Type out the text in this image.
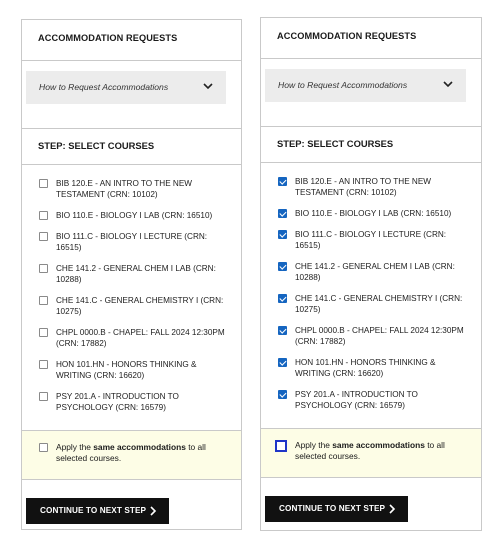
ACCOMMODATION REQUESTS
How to Request Accommodations
STEP: SELECT COURSES
BIB 120.E - AN INTRO TO THE NEW TESTAMENT (CRN: 10102)
BIO 110.E - BIOLOGY I LAB (CRN: 16510)
BIO 111.C - BIOLOGY I LECTURE (CRN: 16515)
CHE 141.2 - GENERAL CHEM I LAB (CRN: 10288)
CHE 141.C - GENERAL CHEMISTRY I (CRN: 10275)
CHPL 0000.B - CHAPEL: FALL 2024 12:30PM (CRN: 17882)
HON 101.HN - HONORS THINKING & WRITING (CRN: 16620)
PSY 201.A - INTRODUCTION TO PSYCHOLOGY (CRN: 16579)
Apply the same accommodations to all selected courses.
CONTINUE TO NEXT STEP
ACCOMMODATION REQUESTS
How to Request Accommodations
STEP: SELECT COURSES
BIB 120.E - AN INTRO TO THE NEW TESTAMENT (CRN: 10102)
BIO 110.E - BIOLOGY I LAB (CRN: 16510)
BIO 111.C - BIOLOGY I LECTURE (CRN: 16515)
CHE 141.2 - GENERAL CHEM I LAB (CRN: 10288)
CHE 141.C - GENERAL CHEMISTRY I (CRN: 10275)
CHPL 0000.B - CHAPEL: FALL 2024 12:30PM (CRN: 17882)
HON 101.HN - HONORS THINKING & WRITING (CRN: 16620)
PSY 201.A - INTRODUCTION TO PSYCHOLOGY (CRN: 16579)
Apply the same accommodations to all selected courses.
CONTINUE TO NEXT STEP
